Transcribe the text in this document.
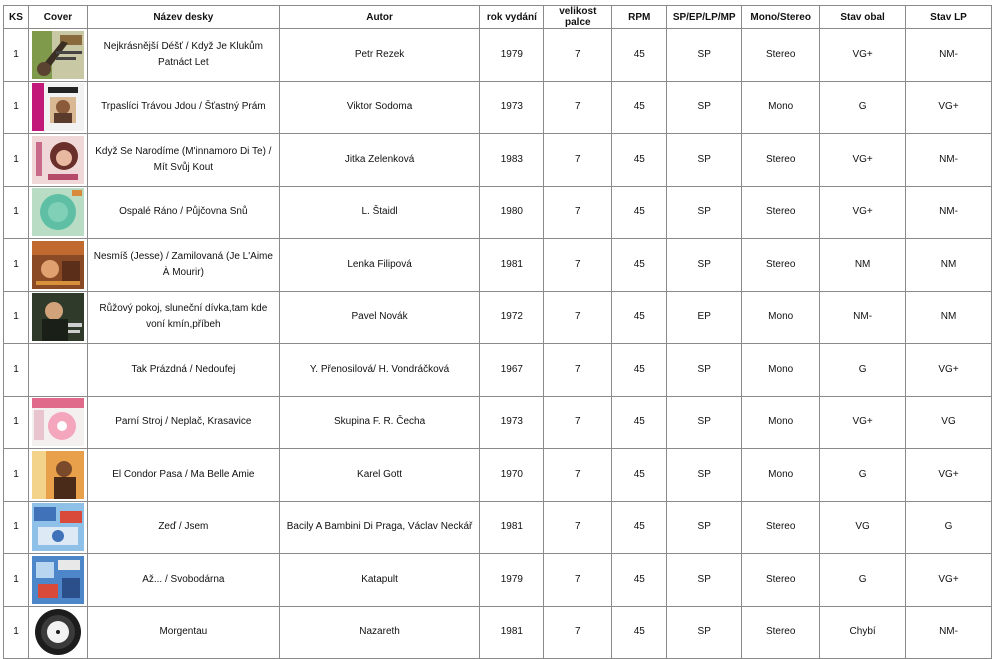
KS	Cover	Název desky	Autor	rok vydání	velikost palce	RPM	SP/EP/LP/MP	Mono/Stereo	Stav obal	Stav LP
1		Nejkrásnější Déšť / Když Je Klukům Patnáct Let	Petr Rezek	1979	7	45	SP	Stereo	VG+	NM-
1		Trpaslíci Trávou Jdou / Šťastný Prám	Viktor Sodoma	1973	7	45	SP	Mono	G	VG+
1		Když Se Narodíme (M'innamoro Di Te) / Mít Svůj Kout	Jitka Zelenková	1983	7	45	SP	Stereo	VG+	NM-
1		Ospalé Ráno / Půjčovna Snů	L. Štaidl	1980	7	45	SP	Stereo	VG+	NM-
1		Nesmíš (Jesse) / Zamilovaná (Je L'Aime À Mourir)	Lenka Filipová	1981	7	45	SP	Stereo	NM	NM
1		Růžový pokoj, sluneční dívka,tam kde voní kmín,příbeh	Pavel Novák	1972	7	45	EP	Mono	NM-	NM
1		Tak Prázdná / Nedoufej	Y. Přenosilová/ H. Vondráčková	1967	7	45	SP	Mono	G	VG+
1		Parní Stroj / Neplač, Krasavice	Skupina F. R. Čecha	1973	7	45	SP	Mono	VG+	VG
1		El Condor Pasa / Ma Belle Amie	Karel Gott	1970	7	45	SP	Mono	G	VG+
1		Zeď / Jsem	Bacily A Bambini Di Praga, Václav Neckář	1981	7	45	SP	Stereo	VG	G
1		Až... / Svobodárna	Katapult	1979	7	45	SP	Stereo	G	VG+
1		Morgentau	Nazareth	1981	7	45	SP	Stereo	Chybí	NM-
